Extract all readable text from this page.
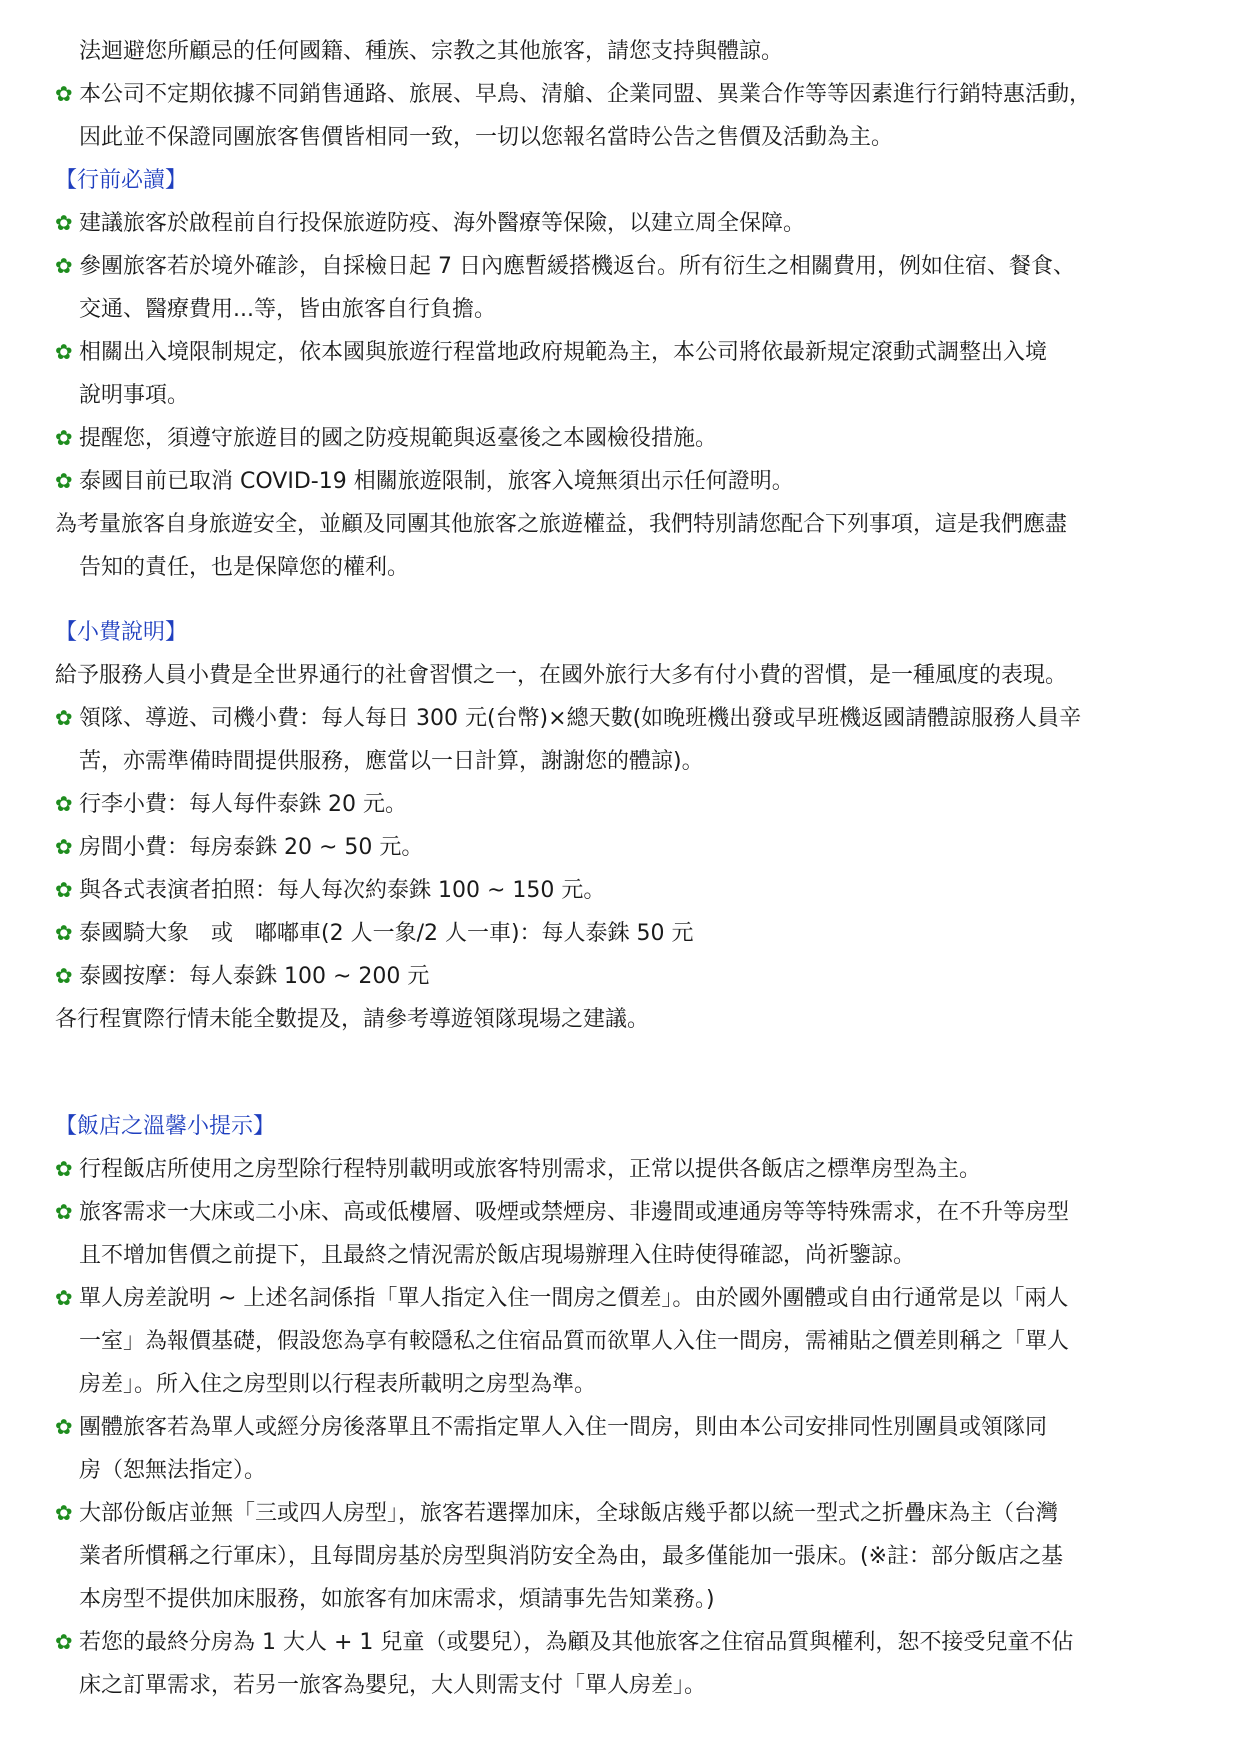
法迴避您所顧忌的任何國籍、種族、宗教之其他旅客，請您支持與體諒。
✿ 本公司不定期依據不同銷售通路、旅展、早鳥、清艙、企業同盟、異業合作等等因素進行行銷特惠活動，
因此並不保證同團旅客售價皆相同一致，一切以您報名當時公告之售價及活動為主。
【行前必讀】
✿ 建議旅客於啟程前自行投保旅遊防疫、海外醫療等保險，以建立周全保障。
✿ 參團旅客若於境外確診，自採檢日起 7 日內應暫緩搭機返台。所有衍生之相關費用，例如住宿、餐食、
交通、醫療費用...等，皆由旅客自行負擔。
✿ 相關出入境限制規定，依本國與旅遊行程當地政府規範為主，本公司將依最新規定滾動式調整出入境
說明事項。
✿ 提醒您，須遵守旅遊目的國之防疫規範與返臺後之本國檢役措施。
✿ 泰國目前已取消 COVID-19 相關旅遊限制，旅客入境無須出示任何證明。
為考量旅客自身旅遊安全，並顧及同團其他旅客之旅遊權益，我們特別請您配合下列事項，這是我們應盡
告知的責任，也是保障您的權利。
【小費說明】
給予服務人員小費是全世界通行的社會習慣之一，在國外旅行大多有付小費的習慣，是一種風度的表現。
✿ 領隊、導遊、司機小費：每人每日 300 元(台幣)×總天數(如晚班機出發或早班機返國請體諒服務人員辛
苦，亦需準備時間提供服務，應當以一日計算，謝謝您的體諒)。
✿ 行李小費：每人每件泰銖 20 元。
✿ 房間小費：每房泰銖 20 ~ 50 元。
✿ 與各式表演者拍照：每人每次約泰銖 100 ~ 150 元。
✿ 泰國騎大象　或　嘟嘟車(2 人一象/2 人一車)：每人泰銖 50 元
✿ 泰國按摩：每人泰銖 100 ~ 200 元
各行程實際行情未能全數提及，請參考導遊領隊現場之建議。
【飯店之溫馨小提示】
✿ 行程飯店所使用之房型除行程特別載明或旅客特別需求，正常以提供各飯店之標準房型為主。
✿ 旅客需求一大床或二小床、高或低樓層、吸煙或禁煙房、非邊間或連通房等等特殊需求，在不升等房型
且不增加售價之前提下，且最終之情況需於飯店現場辦理入住時使得確認，尚祈鑒諒。
✿ 單人房差說明 ~ 上述名詞係指「單人指定入住一間房之價差」。由於國外團體或自由行通常是以「兩人
一室」為報價基礎，假設您為享有較隱私之住宿品質而欲單人入住一間房，需補貼之價差則稱之「單人
房差」。所入住之房型則以行程表所載明之房型為準。
✿ 團體旅客若為單人或經分房後落單且不需指定單人入住一間房，則由本公司安排同性別團員或領隊同
房（恕無法指定）。
✿ 大部份飯店並無「三或四人房型」，旅客若選擇加床，全球飯店幾乎都以統一型式之折疊床為主（台灣
業者所慣稱之行軍床），且每間房基於房型與消防安全為由，最多僅能加一張床。(※註：部分飯店之基
本房型不提供加床服務，如旅客有加床需求，煩請事先告知業務。)
✿ 若您的最終分房為 1 大人 + 1 兒童（或嬰兒），為顧及其他旅客之住宿品質與權利，恕不接受兒童不佔
床之訂單需求，若另一旅客為嬰兒，大人則需支付「單人房差」。
